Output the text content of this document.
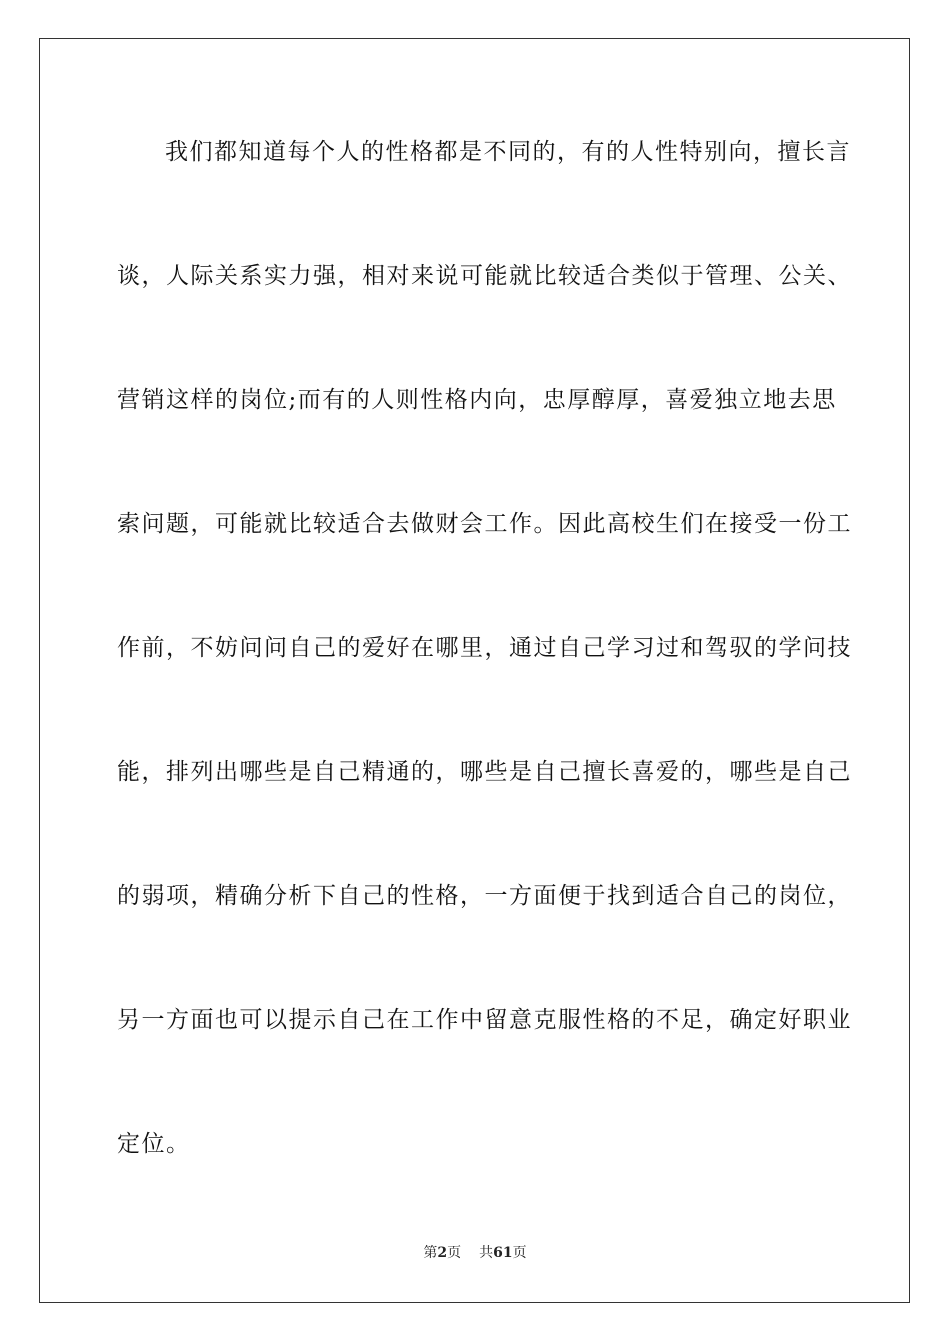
我们都知道每个人的性格都是不同的，有的人性特别向，擅长言
谈，人际关系实力强，相对来说可能就比较适合类似于管理、公关、
营销这样的岗位;而有的人则性格内向，忠厚醇厚，喜爱独立地去思
索问题，可能就比较适合去做财会工作。因此高校生们在接受一份工
作前，不妨问问自己的爱好在哪里，通过自己学习过和驾驭的学问技
能，排列出哪些是自己精通的，哪些是自己擅长喜爱的，哪些是自己
的弱项，精确分析下自己的性格，一方面便于找到适合自己的岗位，
另一方面也可以提示自己在工作中留意克服性格的不足，确定好职业
定位。
第2页 共61页
